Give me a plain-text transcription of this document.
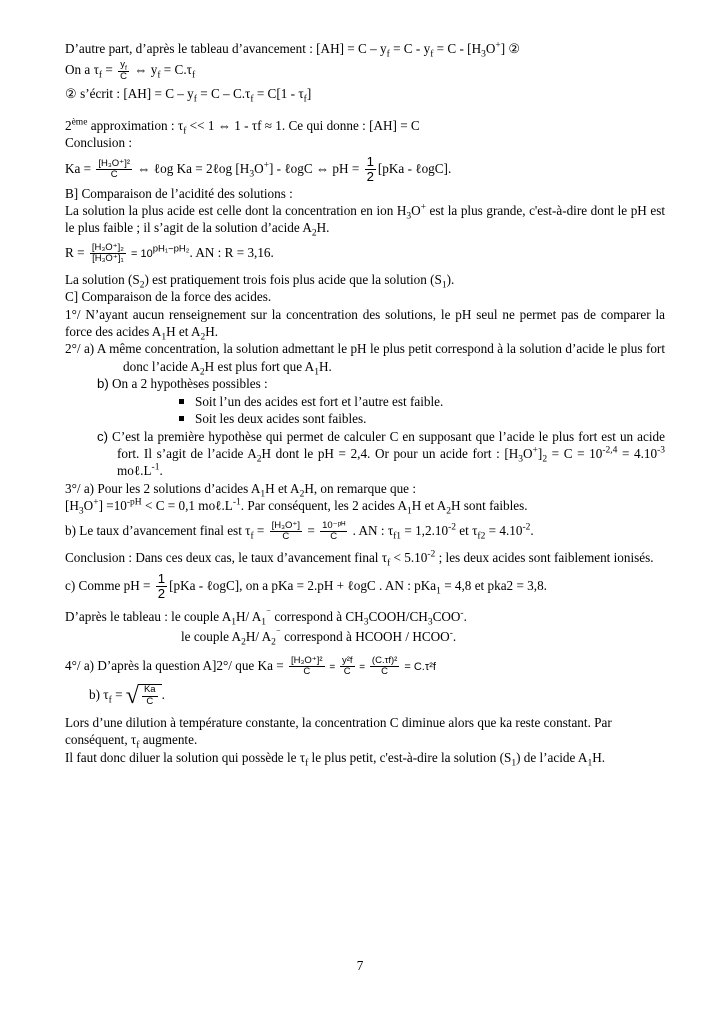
D’autre part, d’après le tableau d’avancement : $[AH] = C - y_f = C - y_f = C - [H_3O^+]$ ②

On a $\tau_f = \frac{y_f}{C}$ ⇔ $y_f = C.\tau_f$

② s’écrit : $[AH] = C - y_f = C - C.\tau_f = C[1 - \tau_f]$

2ème approximation : $\tau_f << 1$ ⇔ 1 - τf ≈ 1. Ce qui donne : [AH] = C

Conclusion :

$Ka = \frac{\text{[H₃O⁺]²}}{C}$ ⇔ ℓog Ka = 2ℓog $[H_3O^+]$ - ℓogC ⇔ pH = $\frac{1}{2} [pKa$ - ℓogC].

B] Comparaison de l’acidité des solutions :

La solution la plus acide est celle dont la concentration en ion $H_3O^+$ est la plus grande, c'est-à-dire dont le pH est le plus faible ; il s’agit de la solution d’acide $A_2H$.

$R = \frac{\text{[H₃O⁺]₂}}{\text{[H₃O⁺]₁}} = 10^{pH_1-pH_2}$. AN : R = 3,16.

La solution $(S_2)$ est pratiquement trois fois plus acide que la solution $(S_1)$.

C] Comparaison de la force des acides.

1°/ N’ayant aucun renseignement sur la concentration des solutions, le pH seul ne permet pas de comparer la force des acides $A_1H$ et $A_2H$.

2°/ a) A même concentration, la solution admettant le pH le plus petit correspond à la solution d’acide le plus fort donc l’acide $A_2H$ est plus fort que $A_1H$.

b) On a 2 hypothèses possibles :

Soit l’un des acides est fort et l’autre est faible.
Soit les deux acides sont faibles.

c) C’est la première hypothèse qui permet de calculer C en supposant que l’acide le plus fort est un acide fort. Il s’agit de l’acide $A_2H$ dont le pH = 2,4. Or pour un acide fort : $[H_3O^+]_2 = C = 10^{-2,4} = 4.10^{-3}$ $mo\ell.L^{-1}$.

3°/ a) Pour les 2 solutions d’acides $A_1H$ et $A_2H$, on remarque que :

$[H_3O^+] =10^{-pH} < C = 0,1$ $mo\ell.L^{-1}$. Par conséquent, les 2 acides $A_1H$ et $A_2H$ sont faibles.

b) Le taux d’avancement final est $\tau_f = \frac{\text{[H₃O⁺]}}{C} = \frac{\text{10⁻ᵖᴴ}}{C}$ . AN : $\tau_{f1} = 1,2.10^{-2}$ et $\tau_{f2} = 4.10^{-2}$.

Conclusion : Dans ces deux cas, le taux d’avancement final $\tau_f < 5.10^{-2}$ ; les deux acides sont faiblement ionisés.

c) Comme pH = $\frac{1}{2} [pKa$ - ℓogC], on a pKa = 2.pH + ℓogC . AN : pKa$_1$ = 4,8 et pka2 = 3,8.

D’après le tableau : le couple $A_1H/$ $A_1^{^-}$ correspond à $CH_3COOH/CH_3COO^-$.

le couple $A_2H/$ $A_2^{^-}$ correspond à HCOOH / HCOO-.

4°/ a) D’après la question A]2°/ que $Ka = \frac{\text{[H₃O⁺]²}}{C} = \frac{\text{y²f}}{C} = \frac{\text{(C.τf)²}}{C} = C.\tau^2f$

b) $\tau_f$ = √ $\frac{Ka}{C}$ .

Lors d’une dilution à température constante, la concentration C diminue alors que ka reste constant. Par conséquent, $\tau_f$ augmente.

Il faut donc diluer la solution qui possède le $\tau_f$ le plus petit, c'est-à-dire la solution $(S_1)$ de l’acide $A_1H$.

7
